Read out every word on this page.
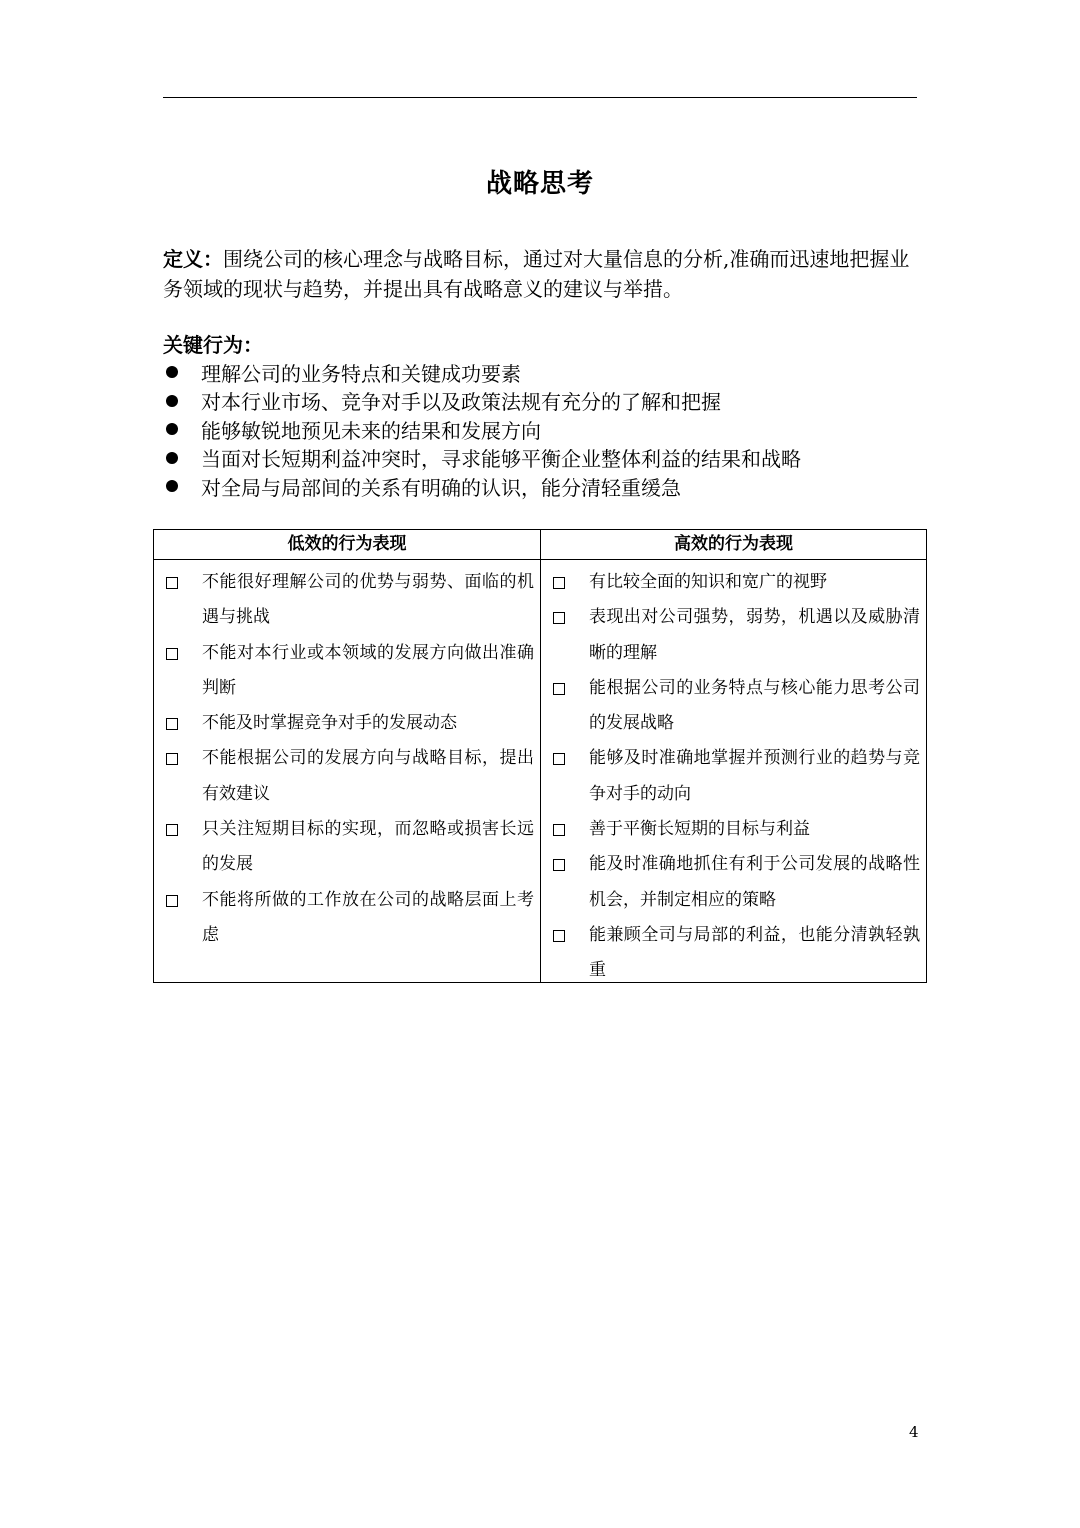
战略思考

定义：围绕公司的核心理念与战略目标，通过对大量信息的分析,准确而迅速地把握业务领域的现状与趋势，并提出具有战略意义的建议与举措。

关键行为：

理解公司的业务特点和关键成功要素
对本行业市场、竞争对手以及政策法规有充分的了解和把握
能够敏锐地预见未来的结果和发展方向
当面对长短期利益冲突时，寻求能够平衡企业整体利益的结果和战略
对全局与局部间的关系有明确的认识，能分清轻重缓急
低效的行为表现
不能很好理解公司的优势与弱势、面临的机遇与挑战
不能对本行业或本领域的发展方向做出准确判断
不能及时掌握竞争对手的发展动态
不能根据公司的发展方向与战略目标，提出有效建议
只关注短期目标的实现，而忽略或损害长远的发展
不能将所做的工作放在公司的战略层面上考虑
高效的行为表现
有比较全面的知识和宽广的视野
表现出对公司强势，弱势，机遇以及威胁清晰的理解
能根据公司的业务特点与核心能力思考公司的发展战略
能够及时准确地掌握并预测行业的趋势与竞争对手的动向
善于平衡长短期的目标与利益
能及时准确地抓住有利于公司发展的战略性机会，并制定相应的策略
能兼顾全司与局部的利益，也能分清孰轻孰重

4
